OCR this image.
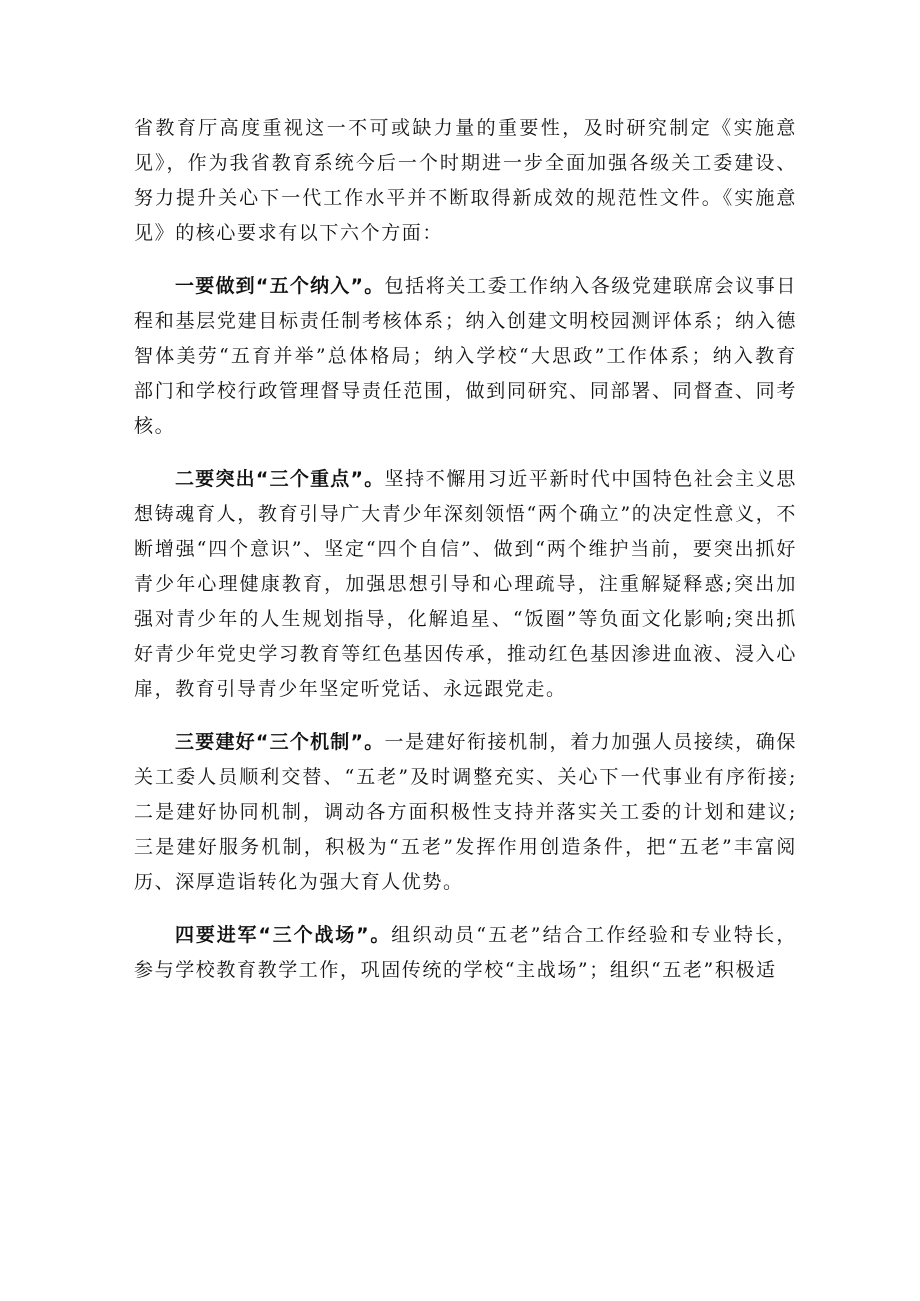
省教育厅高度重视这一不可或缺力量的重要性，及时研究制定《实施意见》，作为我省教育系统今后一个时期进一步全面加强各级关工委建设、努力提升关心下一代工作水平并不断取得新成效的规范性文件。《实施意见》的核心要求有以下六个方面：

一要做到“五个纳入”。包括将关工委工作纳入各级党建联席会议事日程和基层党建目标责任制考核体系；纳入创建文明校园测评体系；纳入德智体美劳“五育并举”总体格局；纳入学校“大思政”工作体系；纳入教育部门和学校行政管理督导责任范围，做到同研究、同部署、同督查、同考核。

二要突出“三个重点”。坚持不懈用习近平新时代中国特色社会主义思想铸魂育人，教育引导广大青少年深刻领悟“两个确立”的决定性意义，不断增强“四个意识”、坚定“四个自信”、做到“两个维护当前，要突出抓好青少年心理健康教育，加强思想引导和心理疏导，注重解疑释惑;突出加强对青少年的人生规划指导，化解追星、“饭圈”等负面文化影响;突出抓好青少年党史学习教育等红色基因传承，推动红色基因渗进血液、浸入心扉，教育引导青少年坚定听党话、永远跟党走。

三要建好“三个机制”。一是建好衔接机制，着力加强人员接续，确保关工委人员顺利交替、“五老”及时调整充实、关心下一代事业有序衔接;二是建好协同机制，调动各方面积极性支持并落实关工委的计划和建议;三是建好服务机制，积极为“五老”发挥作用创造条件，把“五老”丰富阅历、深厚造诣转化为强大育人优势。

四要进军“三个战场”。组织动员“五老”结合工作经验和专业特长，参与学校教育教学工作，巩固传统的学校“主战场”；组织“五老”积极适
